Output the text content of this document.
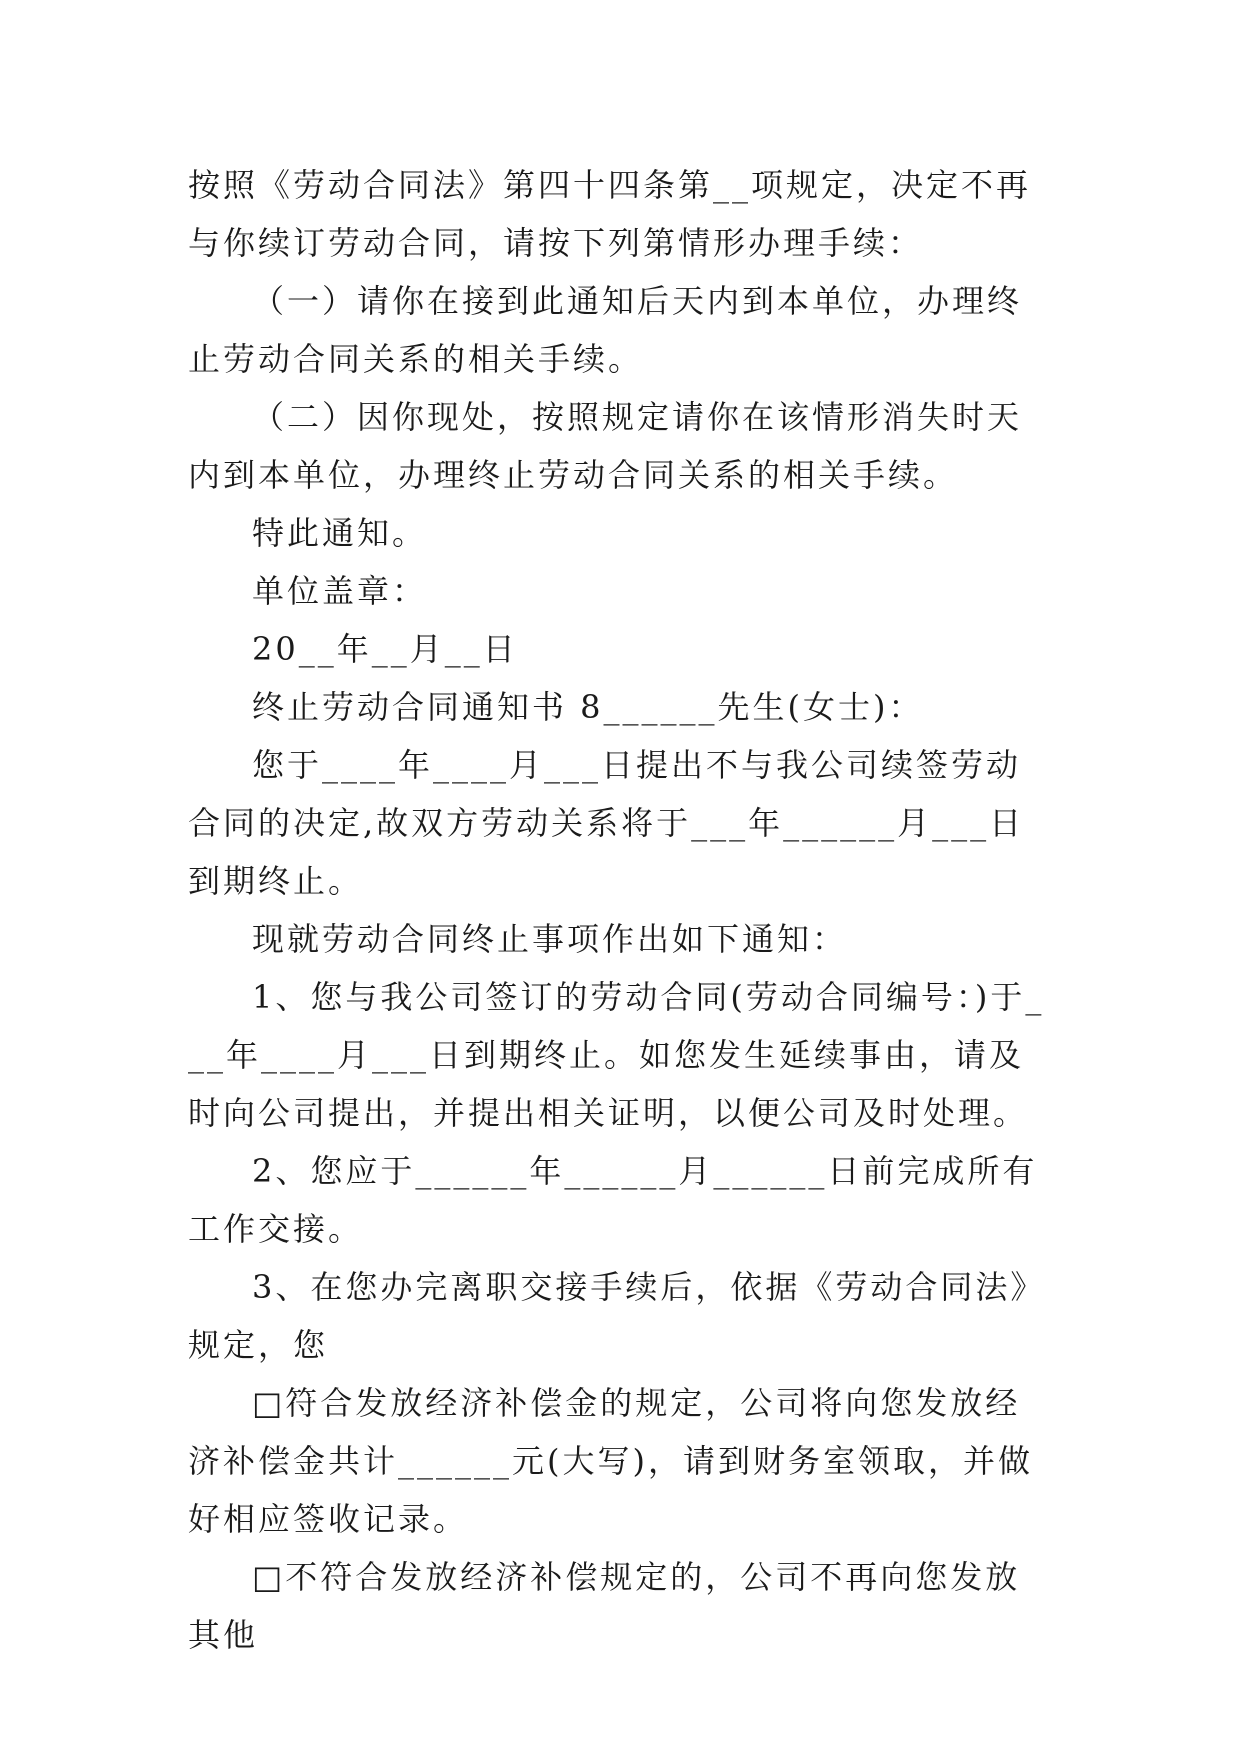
按照《劳动合同法》第四十四条第__项规定，决定不再与你续订劳动合同，请按下列第情形办理手续：

（一）请你在接到此通知后天内到本单位，办理终止劳动合同关系的相关手续。

（二）因你现处，按照规定请你在该情形消失时天内到本单位，办理终止劳动合同关系的相关手续。

特此通知。

单位盖章：

20__年__月__日

终止劳动合同通知书 8______先生(女士)：

您于____年____月___日提出不与我公司续签劳动合同的决定,故双方劳动关系将于___年______月___日到期终止。

现就劳动合同终止事项作出如下通知：

1、您与我公司签订的劳动合同(劳动合同编号：)于___年____月___日到期终止。如您发生延续事由，请及时向公司提出，并提出相关证明，以便公司及时处理。

2、您应于______年______月______日前完成所有工作交接。

3、在您办完离职交接手续后，依据《劳动合同法》规定，您

□符合发放经济补偿金的规定，公司将向您发放经济补偿金共计______元(大写)，请到财务室领取，并做好相应签收记录。

□不符合发放经济补偿规定的，公司不再向您发放其他
